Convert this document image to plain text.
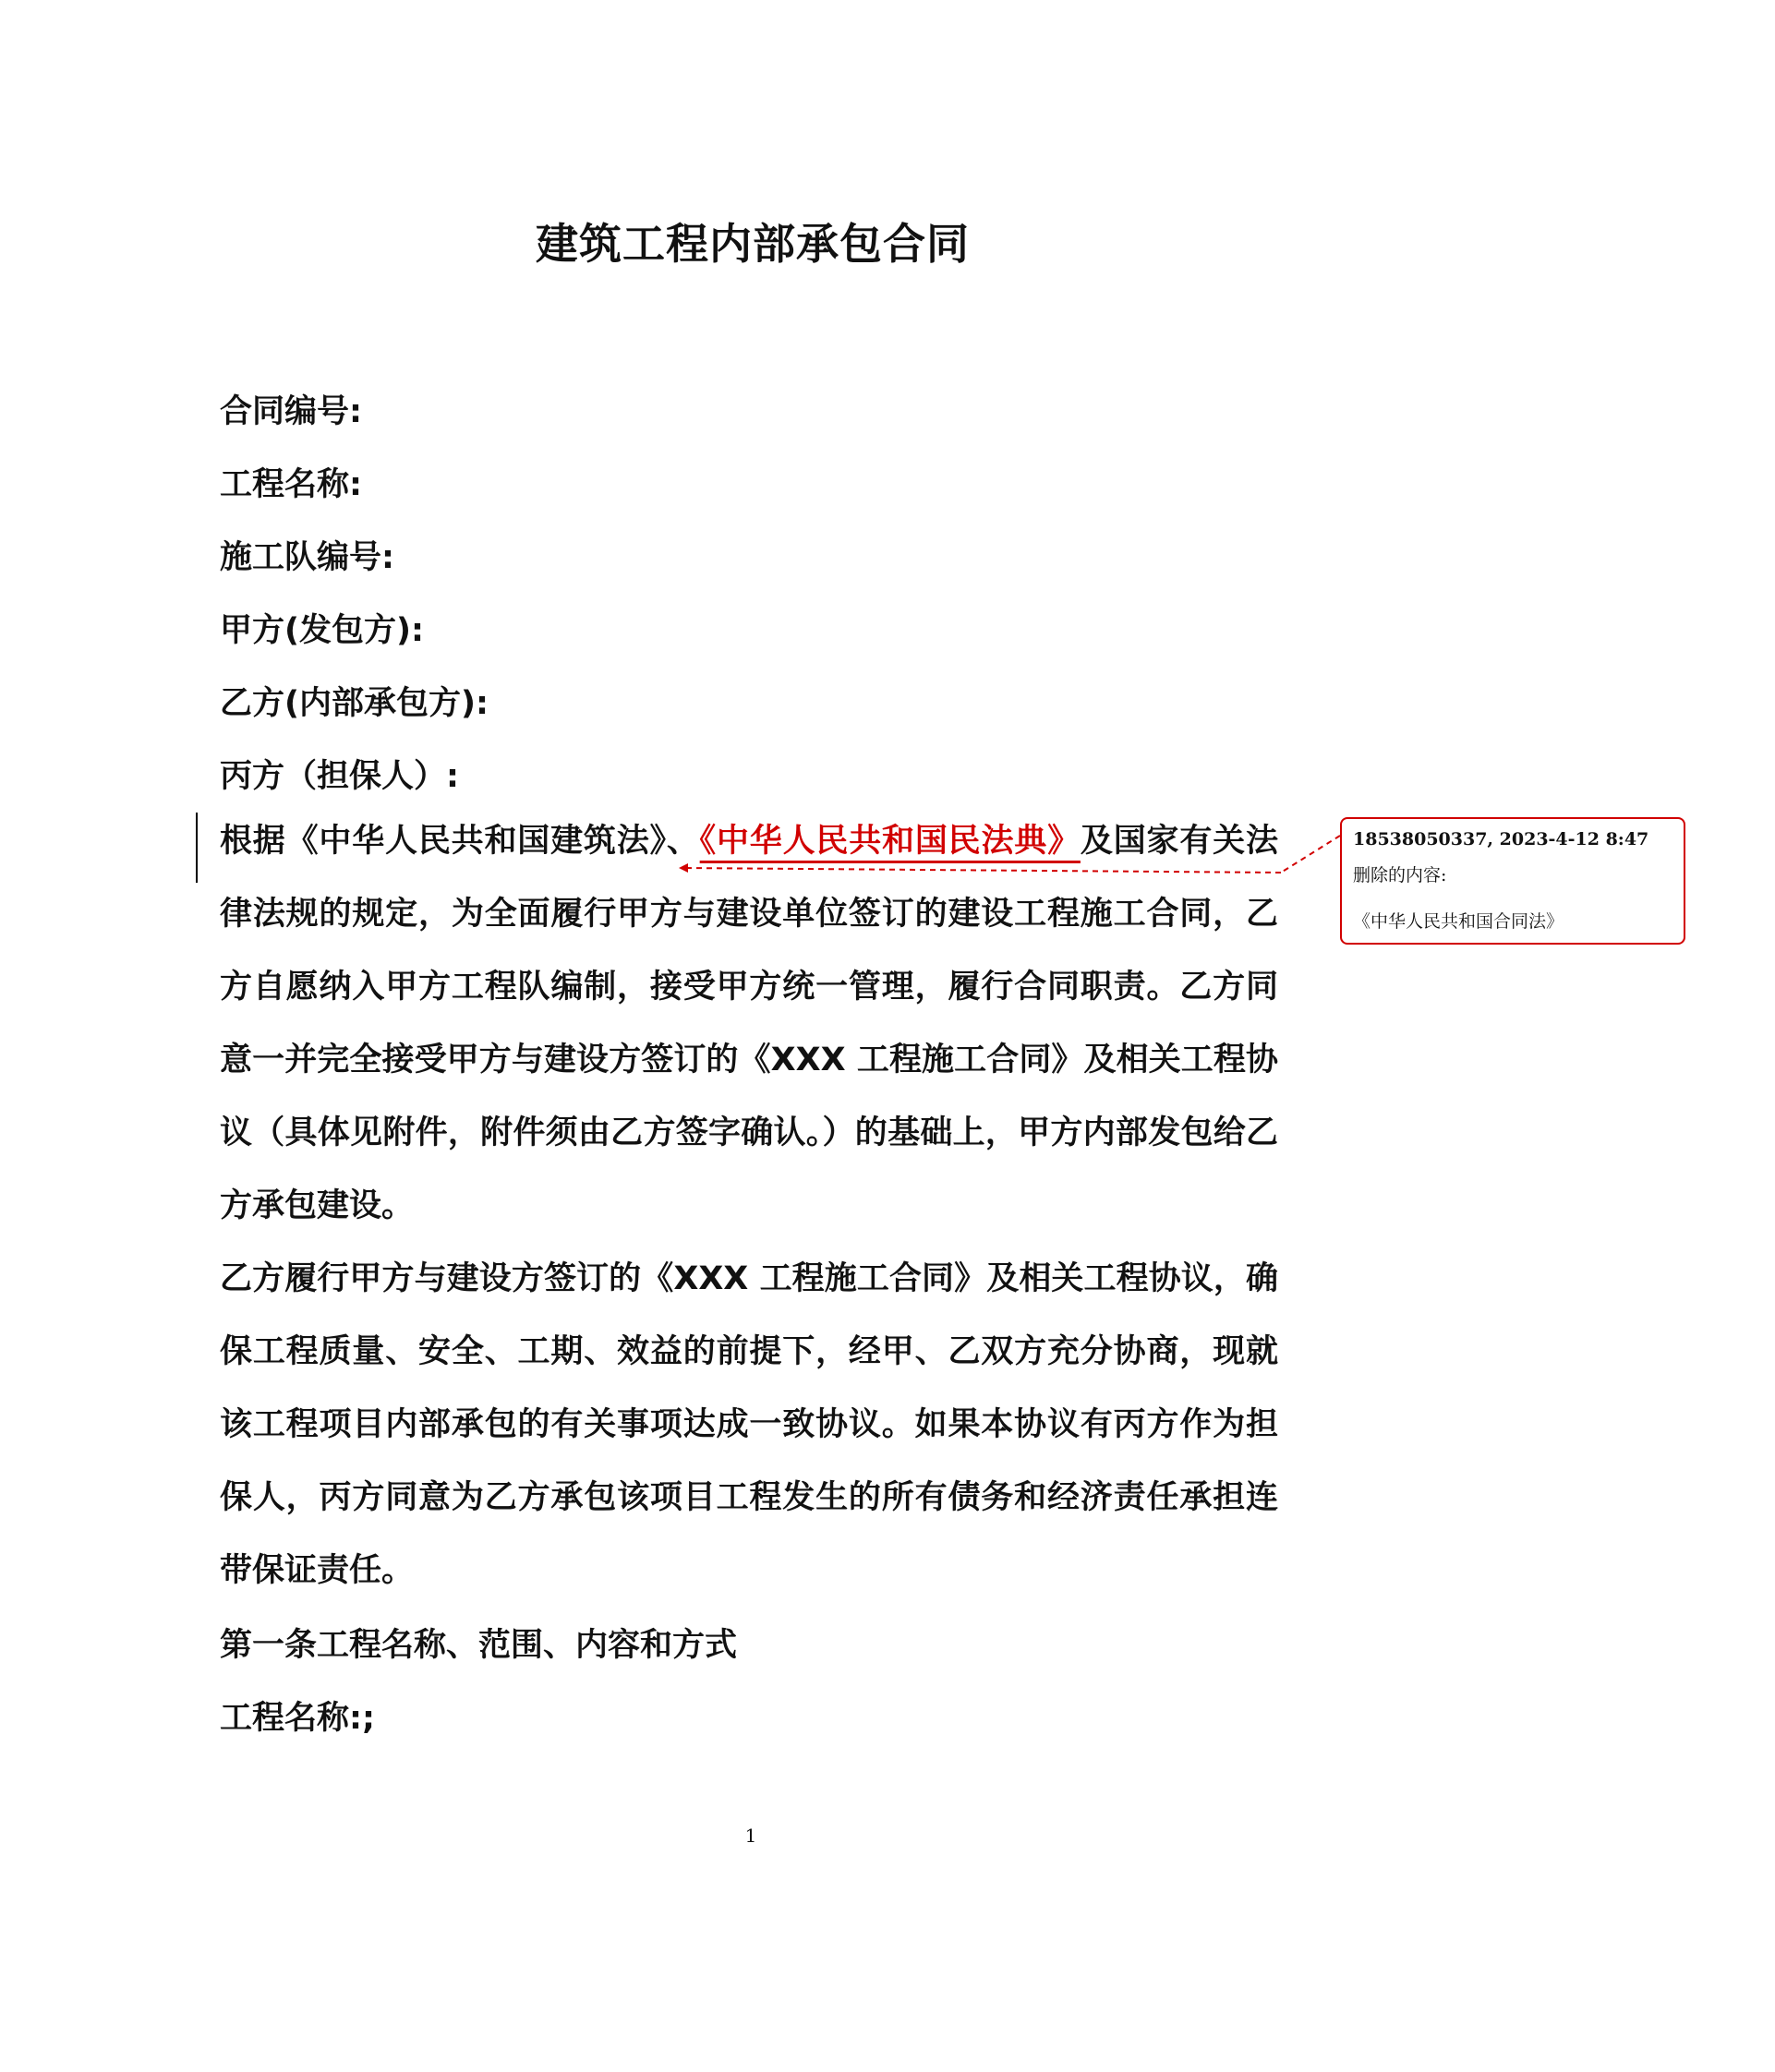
建筑工程内部承包合同
合同编号:
工程名称:
施工队编号:
甲方(发包方):
乙方(内部承包方):
丙方（担保人）:

根据《中华人民共和国建筑法》、《中华人民共和国民法典》及国家有关法律法规的规定，为全面履行甲方与建设单位签订的建设工程施工合同，乙方自愿纳入甲方工程队编制，接受甲方统一管理，履行合同职责。乙方同意一并完全接受甲方与建设方签订的《XXX 工程施工合同》及相关工程协议（具体见附件，附件须由乙方签字确认。）的基础上，甲方内部发包给乙方承包建设。

乙方履行甲方与建设方签订的《XXX 工程施工合同》及相关工程协议，确保工程质量、安全、工期、效益的前提下，经甲、乙双方充分协商，现就该工程项目内部承包的有关事项达成一致协议。如果本协议有丙方作为担保人，丙方同意为乙方承包该项目工程发生的所有债务和经济责任承担连带保证责任。

第一条工程名称、范围、内容和方式
工程名称:;
18538050337, 2023-4-12 8:47
删除的内容:《中华人民共和国合同法》
1
